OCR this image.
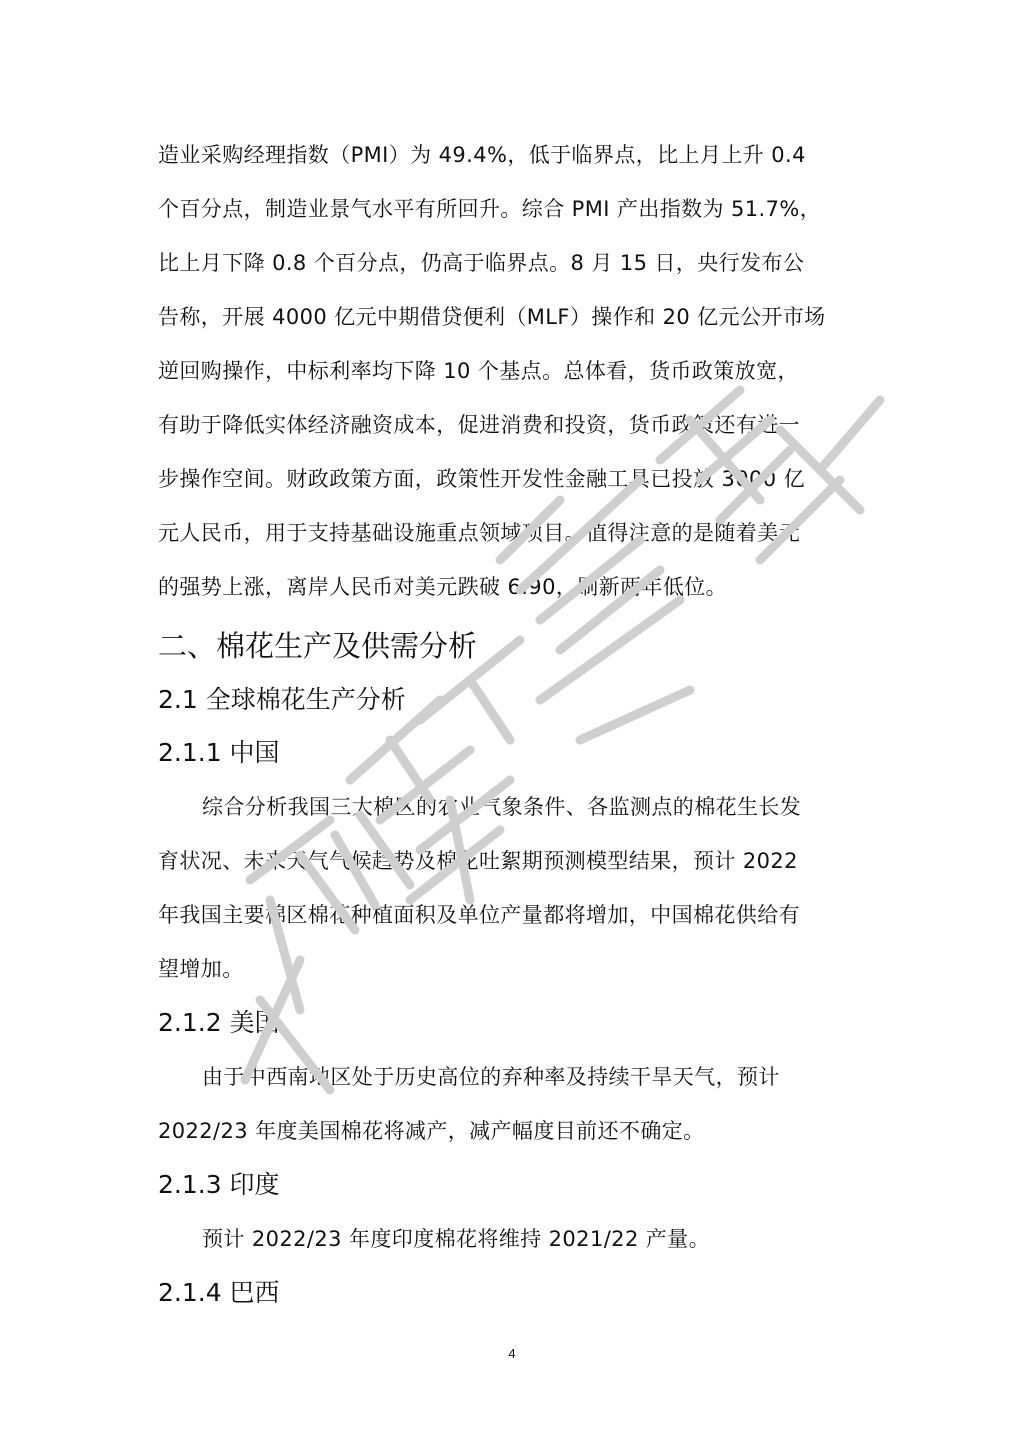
造业采购经理指数（PMI）为 49.4%，低于临界点，比上月上升 0.4
个百分点，制造业景气水平有所回升。综合 PMI 产出指数为 51.7%，
比上月下降 0.8 个百分点，仍高于临界点。8 月 15 日，央行发布公
告称，开展 4000 亿元中期借贷便利（MLF）操作和 20 亿元公开市场
逆回购操作，中标利率均下降 10 个基点。总体看，货币政策放宽，
有助于降低实体经济融资成本，促进消费和投资，货币政策还有进一
步操作空间。财政政策方面，政策性开发性金融工具已投放 3000 亿
元人民币，用于支持基础设施重点领域项目。值得注意的是随着美元
的强势上涨，离岸人民币对美元跌破 6.90，刷新两年低位。
二、棉花生产及供需分析
2.1 全球棉花生产分析
2.1.1 中国
综合分析我国三大棉区的农业气象条件、各监测点的棉花生长发
育状况、未来天气气候趋势及棉花吐絮期预测模型结果，预计 2022
年我国主要棉区棉花种植面积及单位产量都将增加，中国棉花供给有
望增加。
2.1.2 美国
由于中西南地区处于历史高位的弃种率及持续干旱天气，预计
2022/23 年度美国棉花将减产，减产幅度目前还不确定。
2.1.3 印度
预计 2022/23 年度印度棉花将维持 2021/22 产量。
2.1.4 巴西
4
